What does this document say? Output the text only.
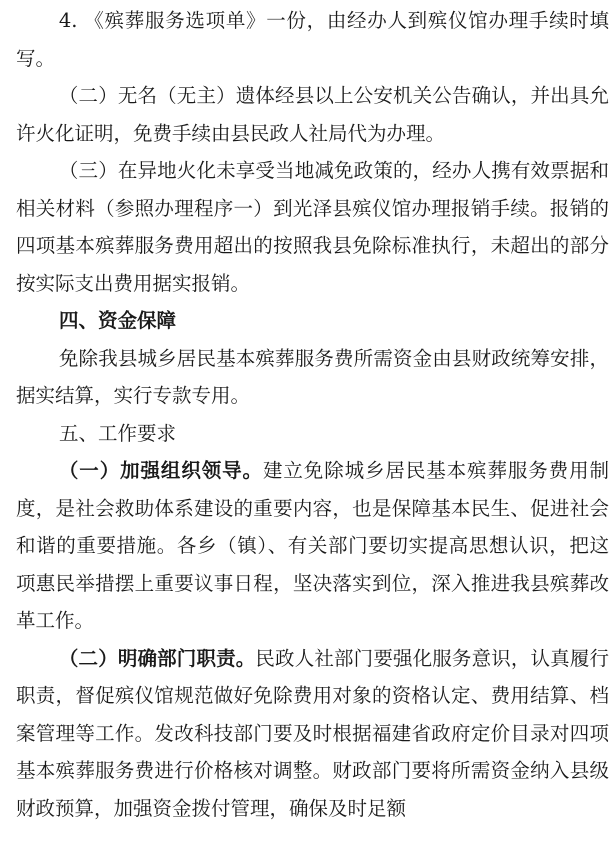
4. 《殡葬服务选项单》一份，由经办人到殡仪馆办理手续时填写。

（二）无名（无主）遗体经县以上公安机关公告确认，并出具允许火化证明，免费手续由县民政人社局代为办理。

（三）在异地火化未享受当地减免政策的，经办人携有效票据和相关材料（参照办理程序一）到光泽县殡仪馆办理报销手续。报销的四项基本殡葬服务费用超出的按照我县免除标准执行，未超出的部分按实际支出费用据实报销。

四、资金保障

免除我县城乡居民基本殡葬服务费所需资金由县财政统筹安排，据实结算，实行专款专用。

五、工作要求

（一）加强组织领导。建立免除城乡居民基本殡葬服务费用制度，是社会救助体系建设的重要内容，也是保障基本民生、促进社会和谐的重要措施。各乡（镇）、有关部门要切实提高思想认识，把这项惠民举措摆上重要议事日程，坚决落实到位，深入推进我县殡葬改革工作。

（二）明确部门职责。民政人社部门要强化服务意识，认真履行职责，督促殡仪馆规范做好免除费用对象的资格认定、费用结算、档案管理等工作。发改科技部门要及时根据福建省政府定价目录对四项基本殡葬服务费进行价格核对调整。财政部门要将所需资金纳入县级财政预算，加强资金拨付管理，确保及时足额
